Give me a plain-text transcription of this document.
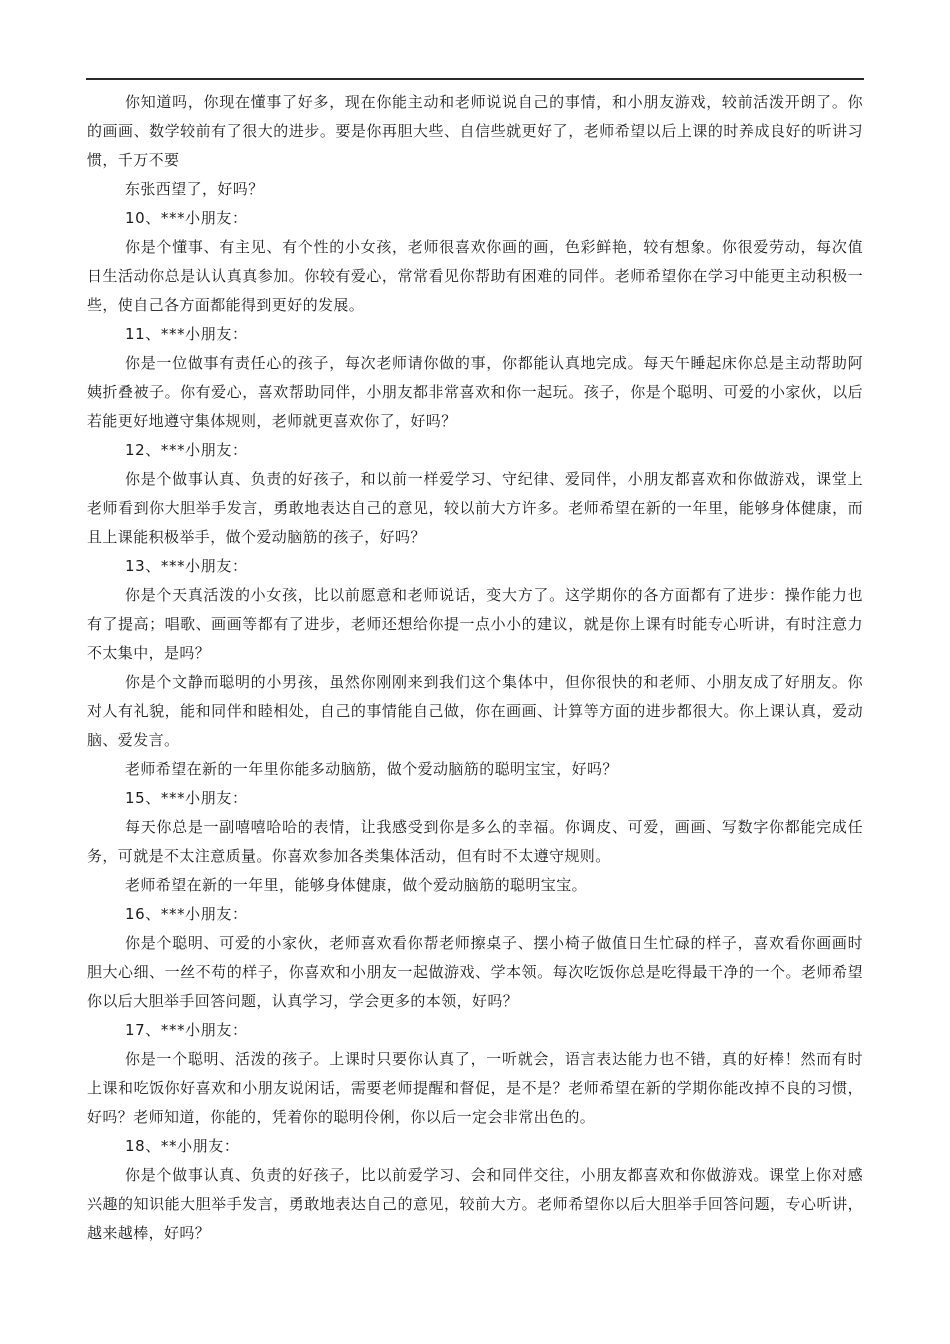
你知道吗，你现在懂事了好多，现在你能主动和老师说说自己的事情，和小朋友游戏，较前活泼开朗了。你的画画、数学较前有了很大的进步。要是你再胆大些、自信些就更好了，老师希望以后上课的时养成良好的听讲习惯，千万不要

东张西望了，好吗？

10、***小朋友：

你是个懂事、有主见、有个性的小女孩，老师很喜欢你画的画，色彩鲜艳，较有想象。你很爱劳动，每次值日生活动你总是认认真真参加。你较有爱心，常常看见你帮助有困难的同伴。老师希望你在学习中能更主动积极一些，使自己各方面都能得到更好的发展。

11、***小朋友：

你是一位做事有责任心的孩子，每次老师请你做的事，你都能认真地完成。每天午睡起床你总是主动帮助阿姨折叠被子。你有爱心，喜欢帮助同伴，小朋友都非常喜欢和你一起玩。孩子，你是个聪明、可爱的小家伙，以后若能更好地遵守集体规则，老师就更喜欢你了，好吗？

12、***小朋友：

你是个做事认真、负责的好孩子，和以前一样爱学习、守纪律、爱同伴，小朋友都喜欢和你做游戏，课堂上老师看到你大胆举手发言，勇敢地表达自己的意见，较以前大方许多。老师希望在新的一年里，能够身体健康，而且上课能积极举手，做个爱动脑筋的孩子，好吗？

13、***小朋友：

你是个天真活泼的小女孩，比以前愿意和老师说话，变大方了。这学期你的各方面都有了进步：操作能力也有了提高；唱歌、画画等都有了进步，老师还想给你提一点小小的建议，就是你上课有时能专心听讲，有时注意力不太集中，是吗？

你是个文静而聪明的小男孩，虽然你刚刚来到我们这个集体中，但你很快的和老师、小朋友成了好朋友。你对人有礼貌，能和同伴和睦相处，自己的事情能自己做，你在画画、计算等方面的进步都很大。你上课认真，爱动脑、爱发言。

老师希望在新的一年里你能多动脑筋，做个爱动脑筋的聪明宝宝，好吗？

15、***小朋友：

每天你总是一副嘻嘻哈哈的表情，让我感受到你是多么的幸福。你调皮、可爱，画画、写数字你都能完成任务，可就是不太注意质量。你喜欢参加各类集体活动，但有时不太遵守规则。

老师希望在新的一年里，能够身体健康，做个爱动脑筋的聪明宝宝。

16、***小朋友：

你是个聪明、可爱的小家伙，老师喜欢看你帮老师擦桌子、摆小椅子做值日生忙碌的样子，喜欢看你画画时胆大心细、一丝不苟的样子，你喜欢和小朋友一起做游戏、学本领。每次吃饭你总是吃得最干净的一个。老师希望你以后大胆举手回答问题，认真学习，学会更多的本领，好吗？

17、***小朋友：

你是一个聪明、活泼的孩子。上课时只要你认真了，一听就会，语言表达能力也不错，真的好棒！然而有时上课和吃饭你好喜欢和小朋友说闲话，需要老师提醒和督促，是不是？老师希望在新的学期你能改掉不良的习惯，好吗？老师知道，你能的，凭着你的聪明伶俐，你以后一定会非常出色的。

18、**小朋友：

你是个做事认真、负责的好孩子，比以前爱学习、会和同伴交往，小朋友都喜欢和你做游戏。课堂上你对感兴趣的知识能大胆举手发言，勇敢地表达自己的意见，较前大方。老师希望你以后大胆举手回答问题，专心听讲，越来越棒，好吗？
